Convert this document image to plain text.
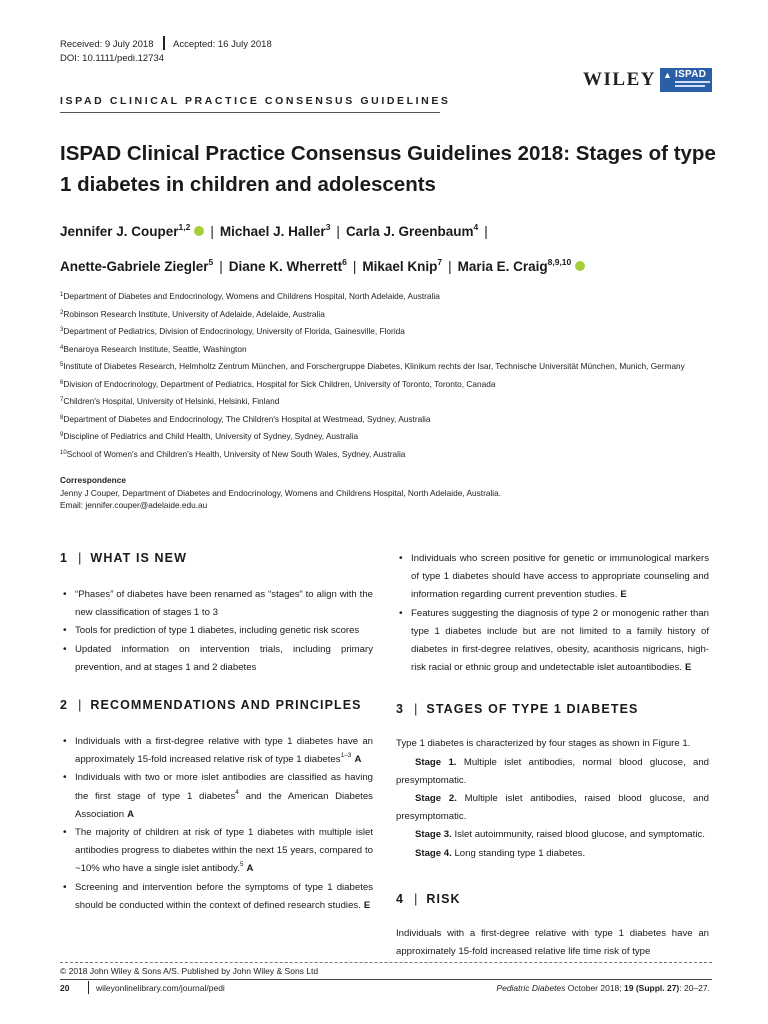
Received: 9 July 2018 Accepted: 16 July 2018
DOI: 10.1111/pedi.12734
WILEY ▲ ISPAD
ISPAD CLINICAL PRACTICE CONSENSUS GUIDELINES
ISPAD Clinical Practice Consensus Guidelines 2018: Stages of type 1 diabetes in children and adolescents
Jennifer J. Couper$^{1,2}$ | Michael J. Haller$^3$ | Carla J. Greenbaum$^4$ |
Anette-Gabriele Ziegler$^5$ | Diane K. Wherrett$^6$ | Mikael Knip$^7$ | Maria E. Craig$^{8,9,10}$
$^1$Department of Diabetes and Endocrinology, Womens and Childrens Hospital, North Adelaide, Australia
$^2$Robinson Research Institute, University of Adelaide, Adelaide, Australia
$^3$Department of Pediatrics, Division of Endocrinology, University of Florida, Gainesville, Florida
$^4$Benaroya Research Institute, Seattle, Washington
$^5$Institute of Diabetes Research, Helmholtz Zentrum München, and Forschergruppe Diabetes, Klinikum rechts der Isar, Technische Universität München, Munich, Germany
$^6$Division of Endocrinology, Department of Pediatrics, Hospital for Sick Children, University of Toronto, Toronto, Canada
$^7$Children's Hospital, University of Helsinki, Helsinki, Finland
$^8$Department of Diabetes and Endocrinology, The Children's Hospital at Westmead, Sydney, Australia
$^9$Discipline of Pediatrics and Child Health, University of Sydney, Sydney, Australia
$^{10}$School of Women's and Children's Health, University of New South Wales, Sydney, Australia
Correspondence
Jenny J Couper, Department of Diabetes and Endocrinology, Womens and Childrens Hospital, North Adelaide, Australia.
Email: jennifer.couper@adelaide.edu.au
1 | WHAT IS NEW
• “Phases” of diabetes have been renamed as “stages” to align with the new classification of stages 1 to 3
• Tools for prediction of type 1 diabetes, including genetic risk scores
• Updated information on intervention trials, including primary prevention, and at stages 1 and 2 diabetes
2 | RECOMMENDATIONS AND PRINCIPLES
• Individuals with a first-degree relative with type 1 diabetes have an approximately 15-fold increased relative risk of type 1 diabetes$^{1-3}$ A
• Individuals with two or more islet antibodies are classified as having the first stage of type 1 diabetes$^4$ and the American Diabetes Association A
• The majority of children at risk of type 1 diabetes with multiple islet antibodies progress to diabetes within the next 15 years, compared to ~10% who have a single islet antibody.$^5$ A
• Screening and intervention before the symptoms of type 1 diabetes should be conducted within the context of defined research studies. E
• Individuals who screen positive for genetic or immunological markers of type 1 diabetes should have access to appropriate counseling and information regarding current prevention studies. E
• Features suggesting the diagnosis of type 2 or monogenic rather than type 1 diabetes include but are not limited to a family history of diabetes in first-degree relatives, obesity, acanthosis nigricans, high-risk racial or ethnic group and undetectable islet autoantibodies. E
3 | STAGES OF TYPE 1 DIABETES

Type 1 diabetes is characterized by four stages as shown in Figure 1.

Stage 1. Multiple islet antibodies, normal blood glucose, and presymptomatic.

Stage 2. Multiple islet antibodies, raised blood glucose, and presymptomatic.

Stage 3. Islet autoimmunity, raised blood glucose, and symptomatic.

Stage 4. Long standing type 1 diabetes.

4 | RISK

Individuals with a first-degree relative with type 1 diabetes have an approximately 15-fold increased relative life time risk of type

© 2018 John Wiley & Sons A/S. Published by John Wiley & Sons Ltd
20	wileyonlinelibrary.com/journal/pedi	Pediatric Diabetes October 2018; 19 (Suppl. 27): 20–27.
